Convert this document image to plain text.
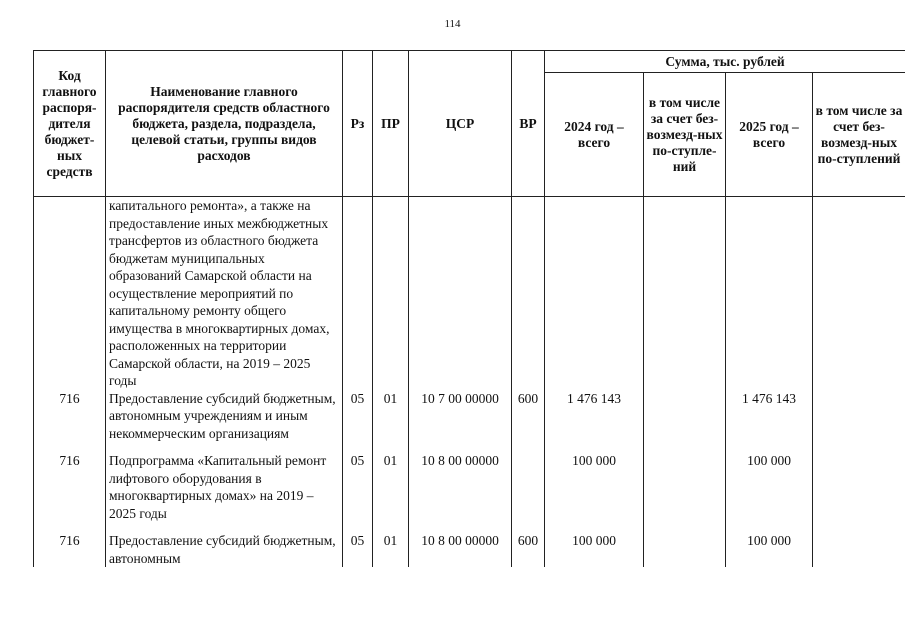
114
Код главного распоря-дителя бюджет-ных средств	Наименование главного распорядителя средств областного бюджета, раздела, подраздела, целевой статьи, группы видов расходов	Рз	ПР	ЦСР	ВР	Сумма, тыс. рублей			
						2024 год – всего	в том числе за счет без-возмезд-ных по-ступле-ний	2025 год – всего	в том числе за счет без-возмезд-ных по-ступлений
	капитального ремонта», а также на предоставление иных межбюджетных трансфертов из областного бюджета бюджетам муниципальных образований Самарской области на осуществление мероприятий по капитальному ремонту общего имущества в многоквартирных домах, расположенных на территории Самарской области, на 2019 – 2025 годы								
716	Предоставление субсидий бюджетным, автономным учреждениям и иным некоммерческим организациям	05	01	10 7 00 00000	600	1 476 143		1 476 143	
716	Подпрограмма «Капитальный ремонт лифтового оборудования в многоквартирных домах» на 2019 – 2025 годы	05	01	10 8 00 00000		100 000		100 000	
716	Предоставление субсидий бюджетным, автономным	05	01	10 8 00 00000	600	100 000		100 000	
